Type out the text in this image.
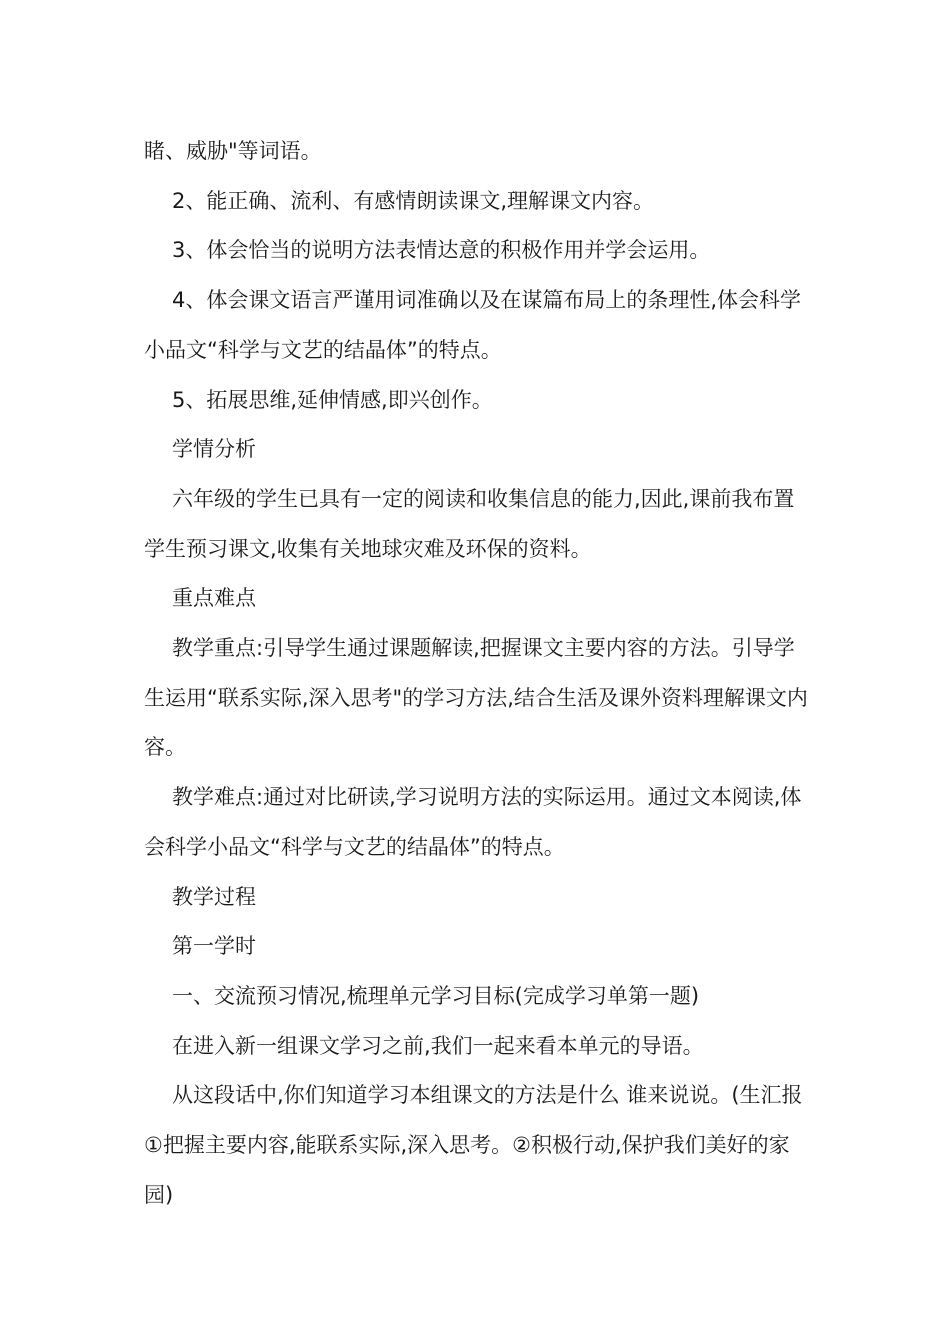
睹、威胁"等词语。

2、能正确、流利、有感情朗读课文,理解课文内容。

3、体会恰当的说明方法表情达意的积极作用并学会运用。

4、体会课文语言严谨用词准确以及在谋篇布局上的条理性,体会科学小品文“科学与文艺的结晶体”的特点。

5、拓展思维,延伸情感,即兴创作。

学情分析

六年级的学生已具有一定的阅读和收集信息的能力,因此,课前我布置学生预习课文,收集有关地球灾难及环保的资料。

重点难点

教学重点:引导学生通过课题解读,把握课文主要内容的方法。引导学生运用“联系实际,深入思考"的学习方法,结合生活及课外资料理解课文内容。

教学难点:通过对比研读,学习说明方法的实际运用。通过文本阅读,体会科学小品文“科学与文艺的结晶体”的特点。

教学过程

第一学时

一、交流预习情况,梳理单元学习目标(完成学习单第一题)

在进入新一组课文学习之前,我们一起来看本单元的导语。

从这段话中,你们知道学习本组课文的方法是什么 谁来说说。(生汇报①把握主要内容,能联系实际,深入思考。②积极行动,保护我们美好的家园)
